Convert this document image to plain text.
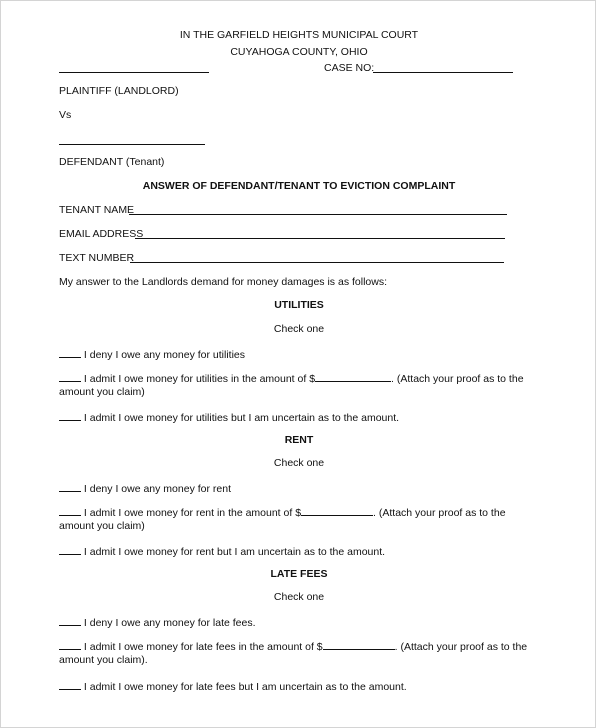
IN THE GARFIELD HEIGHTS MUNICIPAL COURT
CUYAHOGA COUNTY, OHIO
CASE NO:
PLAINTIFF (LANDLORD)
Vs
DEFENDANT (Tenant)
ANSWER OF DEFENDANT/TENANT TO EVICTION COMPLAINT
TENANT NAME
EMAIL ADDRESS
TEXT NUMBER
My answer to the Landlords demand for money damages is as follows:
UTILITIES
Check one
I deny I owe any money for utilities
I admit I owe money for utilities in the amount of $	. (Attach your proof as to the
amount you claim)
I admit I owe money for utilities but I am uncertain as to the amount.
RENT
Check one
I deny I owe any money for rent
I admit I owe money for rent in the amount of $	. (Attach your proof as to the
amount you claim)
I admit I owe money for rent but I am uncertain as to the amount.
LATE FEES
Check one
I deny I owe any money for late fees.
I admit I owe money for late fees in the amount of $	. (Attach your proof as to the
amount you claim).
I admit I owe money for late fees but I am uncertain as to the amount.
